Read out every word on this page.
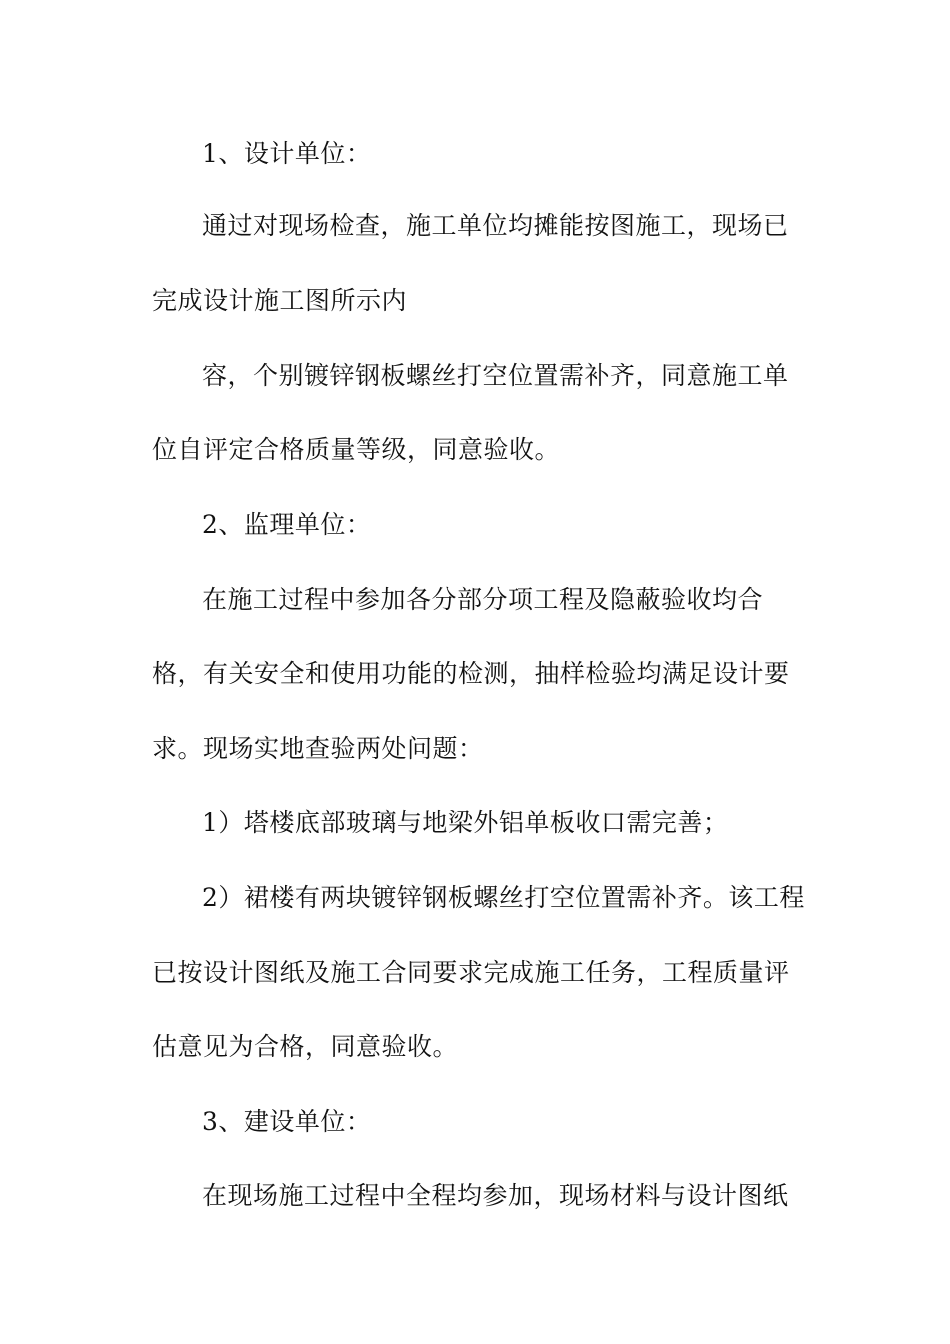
1、设计单位：
通过对现场检查，施工单位均摊能按图施工，现场已
完成设计施工图所示内
容，个别镀锌钢板螺丝打空位置需补齐，同意施工单
位自评定合格质量等级，同意验收。
2、监理单位：
在施工过程中参加各分部分项工程及隐蔽验收均合
格，有关安全和使用功能的检测，抽样检验均满足设计要
求。现场实地查验两处问题：
1）塔楼底部玻璃与地梁外铝单板收口需完善；
2）裙楼有两块镀锌钢板螺丝打空位置需补齐。该工程
已按设计图纸及施工合同要求完成施工任务，工程质量评
估意见为合格，同意验收。
3、建设单位：
在现场施工过程中全程均参加，现场材料与设计图纸
